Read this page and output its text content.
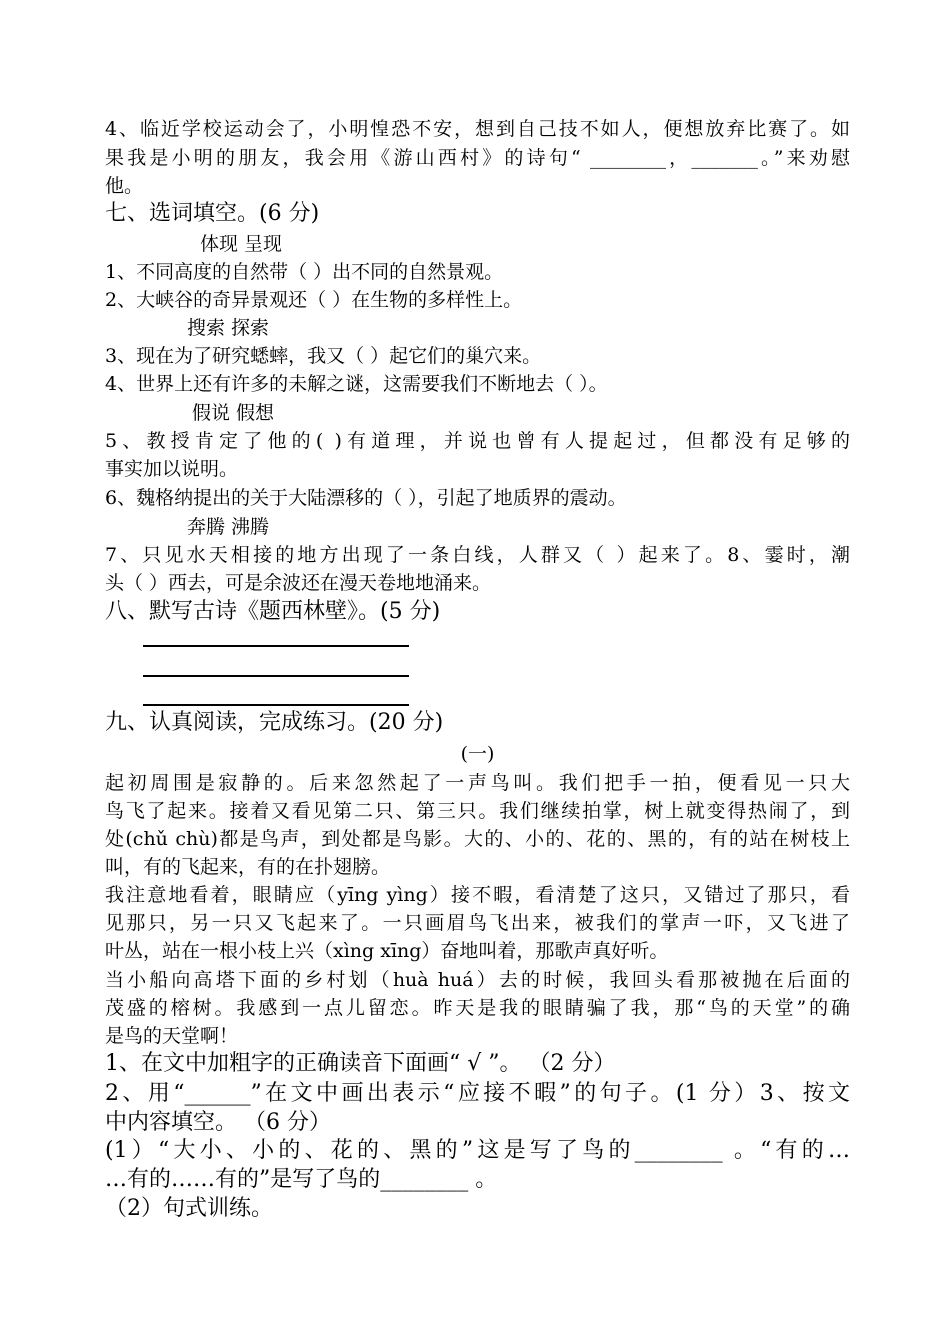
4、临近学校运动会了，小明惶恐不安，想到自己技不如人，便想放弃比赛了。如
果我是小明的朋友，我会用《游山西村》的诗句“ ________，_______。”来劝慰
他。
七、选词填空。(6 分)
体现 呈现
1、不同高度的自然带（ ）出不同的自然景观。
2、大峡谷的奇异景观还（ ）在生物的多样性上。
搜索 探索
3、现在为了研究蟋蟀，我又（ ）起它们的巢穴来。
4、世界上还有许多的未解之谜，这需要我们不断地去（ ）。
假说 假想
5、教授肯定了他的( )有道理，并说也曾有人提起过，但都没有足够的
事实加以说明。
6、魏格纳提出的关于大陆漂移的（ ），引起了地质界的震动。
奔腾 沸腾
7、只见水天相接的地方出现了一条白线，人群又（ ）起来了。8、霎时，潮
头（ ）西去，可是余波还在漫天卷地地涌来。
八、默写古诗《题西林壁》。(5 分)
九、认真阅读，完成练习。(20 分)
(一)
起初周围是寂静的。后来忽然起了一声鸟叫。我们把手一拍，便看见一只大
鸟飞了起来。接着又看见第二只、第三只。我们继续拍掌，树上就变得热闹了，到
处(chǔ chù)都是鸟声，到处都是鸟影。大的、小的、花的、黑的，有的站在树枝上
叫，有的飞起来，有的在扑翅膀。
我注意地看着，眼睛应（yīng yìng）接不暇，看清楚了这只，又错过了那只，看
见那只，另一只又飞起来了。一只画眉鸟飞出来，被我们的掌声一吓，又飞进了
叶丛，站在一根小枝上兴（xìng xīng）奋地叫着，那歌声真好听。
当小船向高塔下面的乡村划（huà huá）去的时候，我回头看那被抛在后面的
茂盛的榕树。我感到一点儿留恋。昨天是我的眼睛骗了我，那“鸟的天堂”的确
是鸟的天堂啊！
1、在文中加粗字的正确读音下面画“ √ ”。 （2 分）
2、用“______”在文中画出表示“应接不暇”的句子。(1 分）3、按文
中内容填空。 （6 分）
(1）“大小、小的、花的、黑的”这是写了鸟的________ 。“有的…
…有的……有的”是写了鸟的________ 。
（2）句式训练。
